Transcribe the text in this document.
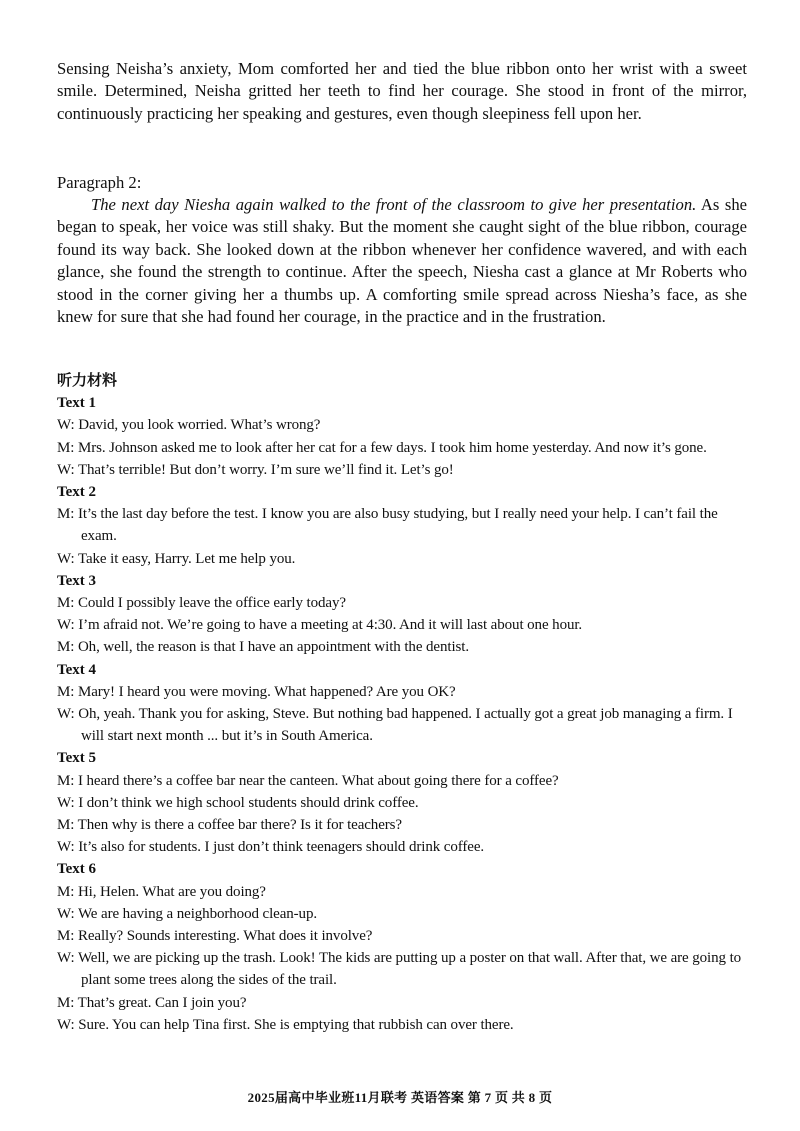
Sensing Neisha’s anxiety, Mom comforted her and tied the blue ribbon onto her wrist with a sweet smile. Determined, Neisha gritted her teeth to find her courage. She stood in front of the mirror, continuously practicing her speaking and gestures, even though sleepiness fell upon her.

Paragraph 2:

The next day Niesha again walked to the front of the classroom to give her presentation. As she began to speak, her voice was still shaky. But the moment she caught sight of the blue ribbon, courage found its way back. She looked down at the ribbon whenever her confidence wavered, and with each glance, she found the strength to continue. After the speech, Niesha cast a glance at Mr Roberts who stood in the corner giving her a thumbs up. A comforting smile spread across Niesha’s face, as she knew for sure that she had found her courage, in the practice and in the frustration.

听力材料
Text 1
W: David, you look worried. What’s wrong?
M: Mrs. Johnson asked me to look after her cat for a few days. I took him home yesterday. And now it’s gone.
W: That’s terrible! But don’t worry. I’m sure we’ll find it. Let’s go!
Text 2
M: It’s the last day before the test. I know you are also busy studying, but I really need your help. I can’t fail the exam.
W: Take it easy, Harry. Let me help you.
Text 3
M: Could I possibly leave the office early today?
W: I’m afraid not. We’re going to have a meeting at 4:30. And it will last about one hour.
M: Oh, well, the reason is that I have an appointment with the dentist.
Text 4
M: Mary! I heard you were moving. What happened? Are you OK?
W: Oh, yeah. Thank you for asking, Steve. But nothing bad happened. I actually got a great job managing a firm. I will start next month ... but it’s in South America.
Text 5
M: I heard there’s a coffee bar near the canteen. What about going there for a coffee?
W: I don’t think we high school students should drink coffee.
M: Then why is there a coffee bar there? Is it for teachers?
W: It’s also for students. I just don’t think teenagers should drink coffee.
Text 6
M: Hi, Helen. What are you doing?
W: We are having a neighborhood clean-up.
M: Really? Sounds interesting. What does it involve?
W: Well, we are picking up the trash. Look! The kids are putting up a poster on that wall. After that, we are going to plant some trees along the sides of the trail.
M: That’s great. Can I join you?
W: Sure. You can help Tina first. She is emptying that rubbish can over there.
2025届高中毕业班11月联考 英语答案 第 7 页 共 8 页
